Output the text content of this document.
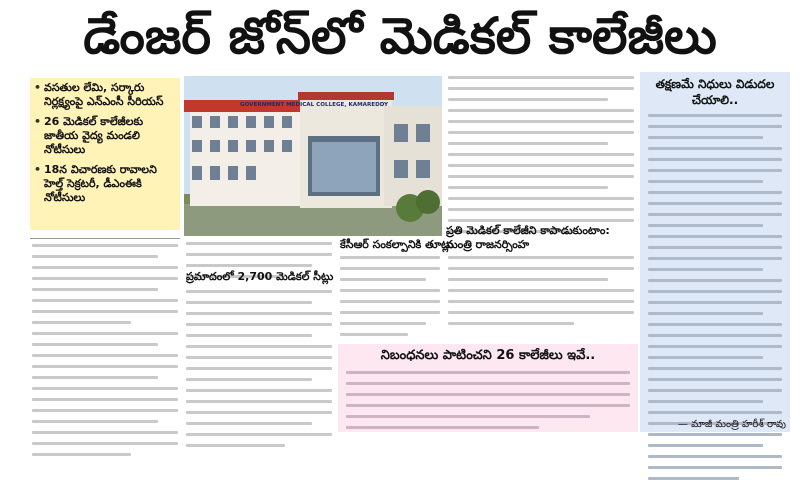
డేంజర్ జోన్‌లో మెడికల్ కాలేజీలు
• వసతుల లేమి, సర్కారు నిర్లక్ష్యంపై ఎన్ఎంసీ సీరియస్
• 26 మెడికల్ కాలేజీలకు జాతీయ వైద్య మండలి నోటీసులు
• 18న విచారణకు రావాలని హెల్త్ సెక్రటరీ, డీఎంఈకి నోటీసులు
GOVERNMENT MEDICAL COLLEGE, KAMAREDDY
ప్రమాదంలో 2,700 మెడికల్ సీట్లు
ప్రతి మెడికల్ కాలేజీని కాపాడుకుంటాం:
మంత్రి రాజనర్సింహ
కేసీఆర్ సంకల్పానికి తూట్లు
నిబంధనలు పాటించని 26 కాలేజీలు ఇవే..
తక్షణమే నిధులు విడుదల చేయాలి..
— మాజీ మంత్రి హరీశ్ రావు
